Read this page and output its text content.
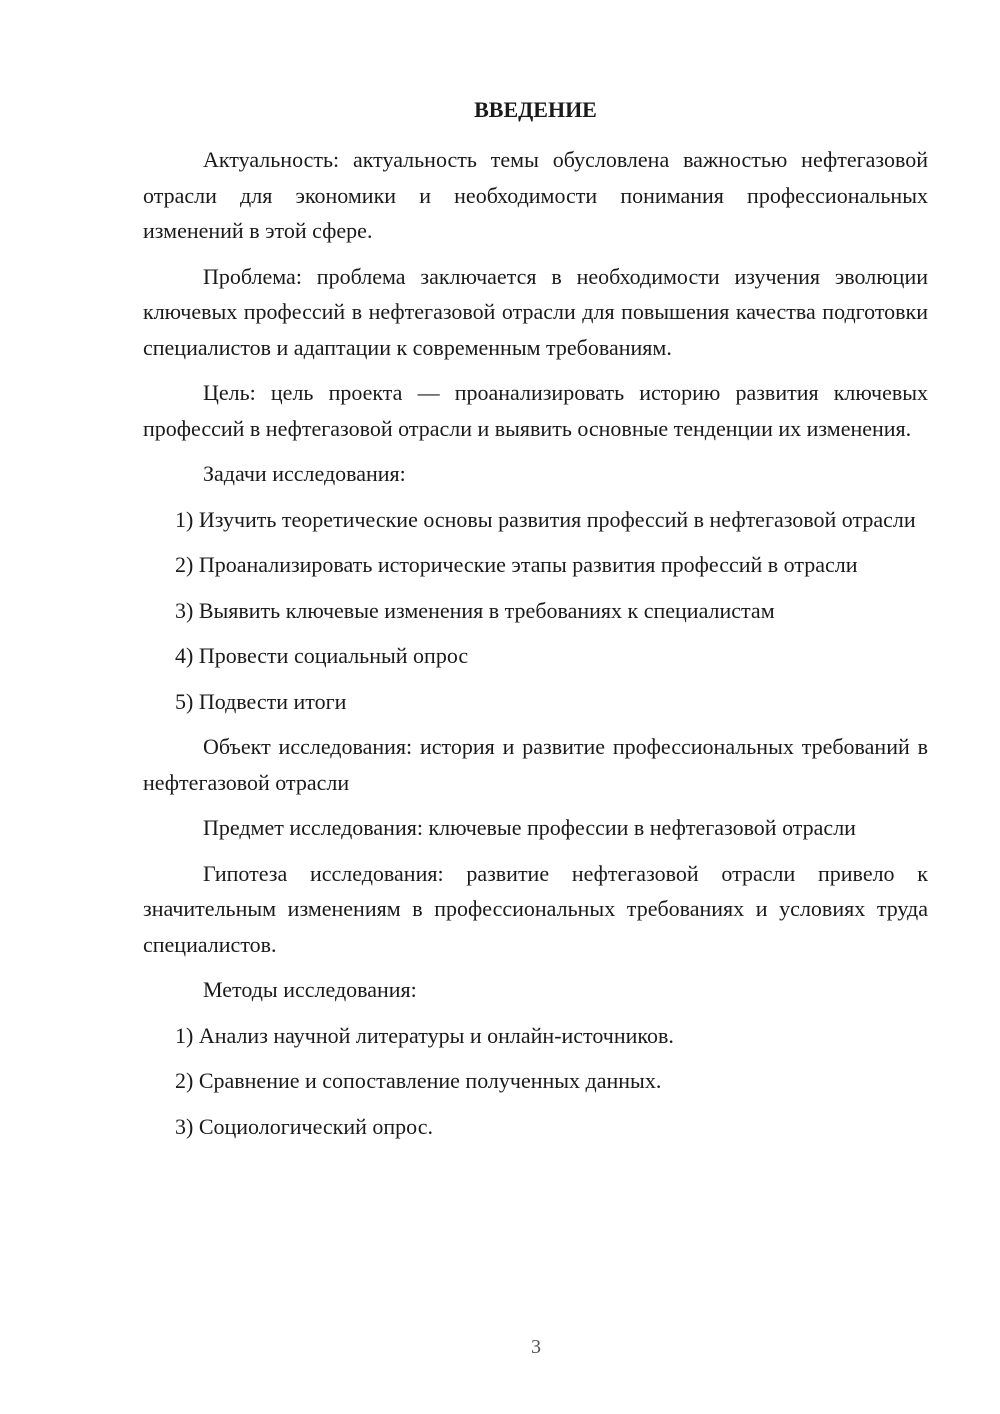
ВВЕДЕНИЕ

Актуальность: актуальность темы обусловлена важностью нефтегазовой отрасли для экономики и необходимости понимания профессиональных изменений в этой сфере.

Проблема: проблема заключается в необходимости изучения эволюции ключевых профессий в нефтегазовой отрасли для повышения качества подготовки специалистов и адаптации к современным требованиям.

Цель: цель проекта — проанализировать историю развития ключевых профессий в нефтегазовой отрасли и выявить основные тенденции их изменения.

Задачи исследования:

1) Изучить теоретические основы развития профессий в нефтегазовой отрасли

2) Проанализировать исторические этапы развития профессий в отрасли

3) Выявить ключевые изменения в требованиях к специалистам

4) Провести социальный опрос

5) Подвести итоги

Объект исследования: история и развитие профессиональных требований в нефтегазовой отрасли

Предмет исследования: ключевые профессии в нефтегазовой отрасли

Гипотеза исследования: развитие нефтегазовой отрасли привело к значительным изменениям в профессиональных требованиях и условиях труда специалистов.

Методы исследования:

1) Анализ научной литературы и онлайн-источников.

2) Сравнение и сопоставление полученных данных.

3) Социологический опрос.

3
